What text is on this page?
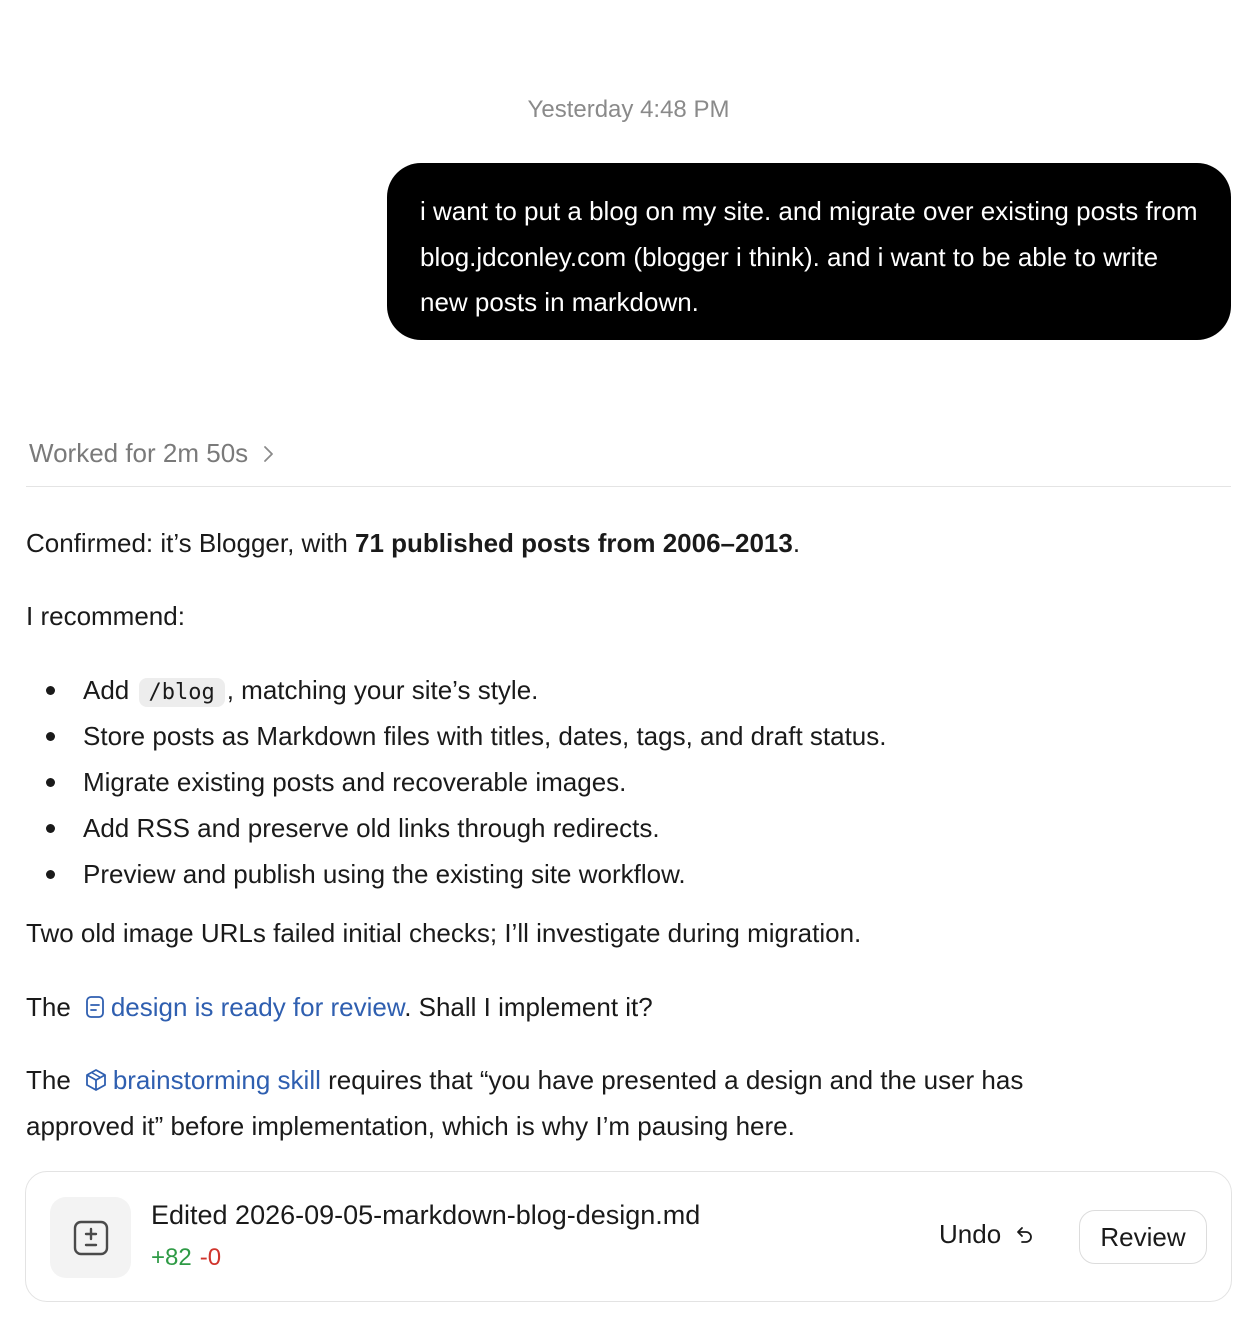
Yesterday 4:48 PM
i want to put a blog on my site. and migrate over existing posts from blog.jdconley.com (blogger i think). and i want to be able to write new posts in markdown.
Worked for 2m 50s
Confirmed: it’s Blogger, with 71 published posts from 2006–2013.
I recommend:
Add /blog , matching your site’s style.
Store posts as Markdown files with titles, dates, tags, and draft status.
Migrate existing posts and recoverable images.
Add RSS and preserve old links through redirects.
Preview and publish using the existing site workflow.
Two old image URLs failed initial checks; I’ll investigate during migration.
The design is ready for review. Shall I implement it?
The brainstorming skill requires that “you have presented a design and the user has
approved it” before implementation, which is why I’m pausing here.
Edited 2026-09-05-markdown-blog-design.md
+82 -0
Undo	Review
